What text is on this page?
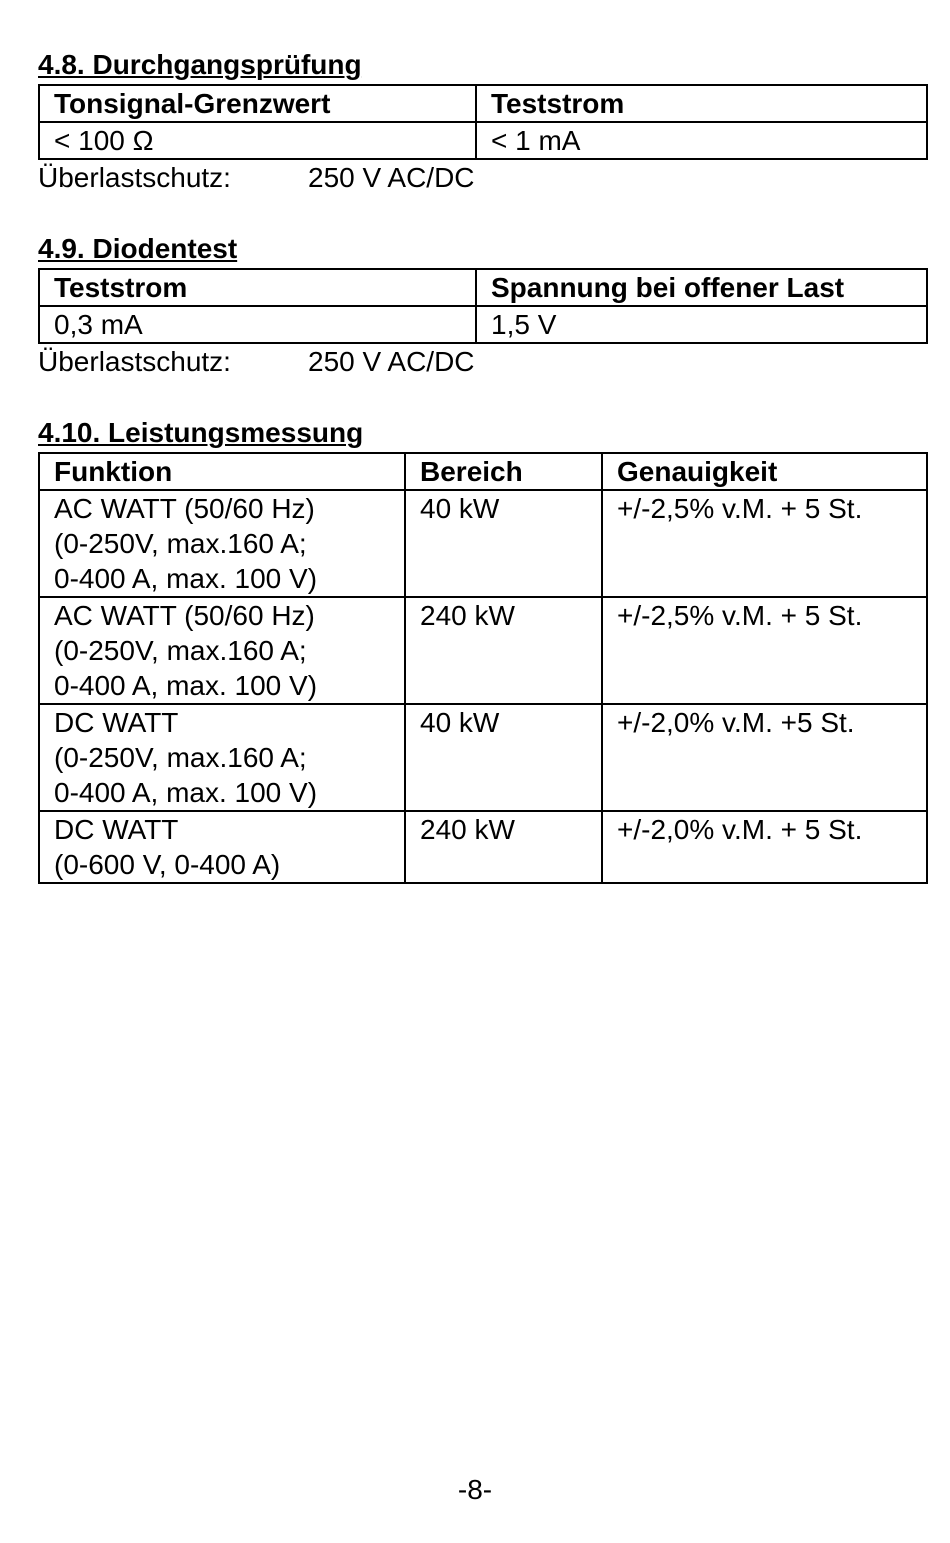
4.8. Durchgangsprüfung
Tonsignal-Grenzwert	Teststrom
< 100 Ω	< 1 mA
Überlastschutz:	250 V AC/DC
4.9. Diodentest
Teststrom	Spannung bei offener Last
0,3 mA	1,5 V
Überlastschutz:	250 V AC/DC
4.10. Leistungsmessung
Funktion	Bereich	Genauigkeit

AC WATT (50/60 Hz)
(0-250V, max.160 A;
0-400 A, max. 100 V)	40 kW	+/-2,5% v.M. + 5 St.

AC WATT (50/60 Hz)
(0-250V, max.160 A;
0-400 A, max. 100 V)	240 kW	+/-2,5% v.M. + 5 St.

DC WATT
(0-250V, max.160 A;
0-400 A, max. 100 V)	40 kW	+/-2,0% v.M. +5 St.

DC WATT
(0-600 V, 0-400 A)	240 kW	+/-2,0% v.M. + 5 St.
-8-
